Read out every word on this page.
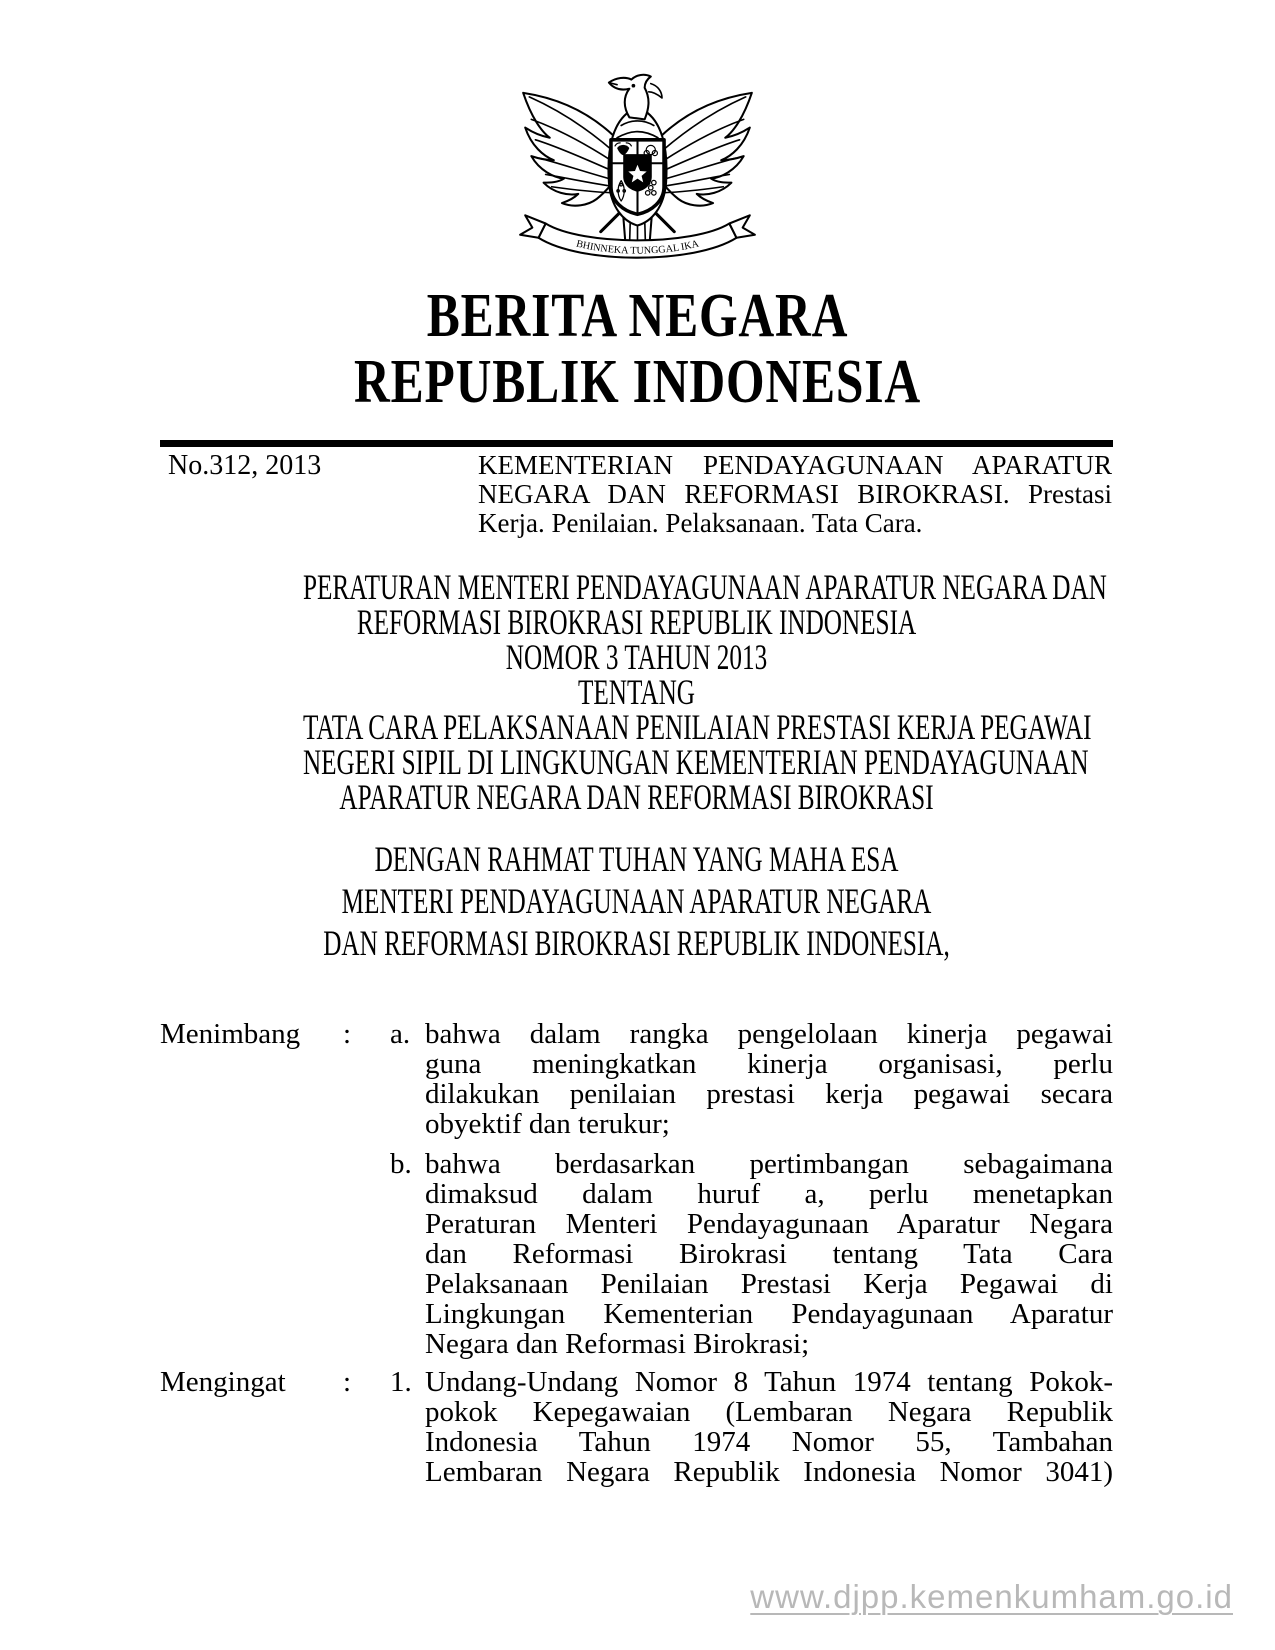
BHINNEKA TUNGGAL IKA
BERITA NEGARA
REPUBLIK INDONESIA
No.312, 2013	KEMENTERIAN PENDAYAGUNAAN APARATUR
NEGARA DAN REFORMASI BIROKRASI. Prestasi
Kerja. Penilaian. Pelaksanaan. Tata Cara.
PERATURAN MENTERI PENDAYAGUNAAN APARATUR NEGARA DAN
REFORMASI BIROKRASI REPUBLIK INDONESIA
NOMOR 3 TAHUN 2013
TENTANG
TATA CARA PELAKSANAAN PENILAIAN PRESTASI KERJA PEGAWAI
NEGERI SIPIL DI LINGKUNGAN KEMENTERIAN PENDAYAGUNAAN
APARATUR NEGARA DAN REFORMASI BIROKRASI
DENGAN RAHMAT TUHAN YANG MAHA ESA
MENTERI PENDAYAGUNAAN APARATUR NEGARA
DAN REFORMASI BIROKRASI REPUBLIK INDONESIA,
Menimbang	:	a. bahwa dalam rangka pengelolaan kinerja pegawai
guna meningkatkan kinerja organisasi, perlu
dilakukan penilaian prestasi kerja pegawai secara
obyektif dan terukur;
b. bahwa berdasarkan pertimbangan sebagaimana
dimaksud dalam huruf a, perlu menetapkan
Peraturan Menteri Pendayagunaan Aparatur Negara
dan Reformasi Birokrasi tentang Tata Cara
Pelaksanaan Penilaian Prestasi Kerja Pegawai di
Lingkungan Kementerian Pendayagunaan Aparatur
Negara dan Reformasi Birokrasi;
Mengingat	:	1. Undang-Undang Nomor 8 Tahun 1974 tentang Pokok-
pokok Kepegawaian (Lembaran Negara Republik
Indonesia Tahun 1974 Nomor 55, Tambahan
Lembaran Negara Republik Indonesia Nomor 3041)
www.djpp.kemenkumham.go.id
